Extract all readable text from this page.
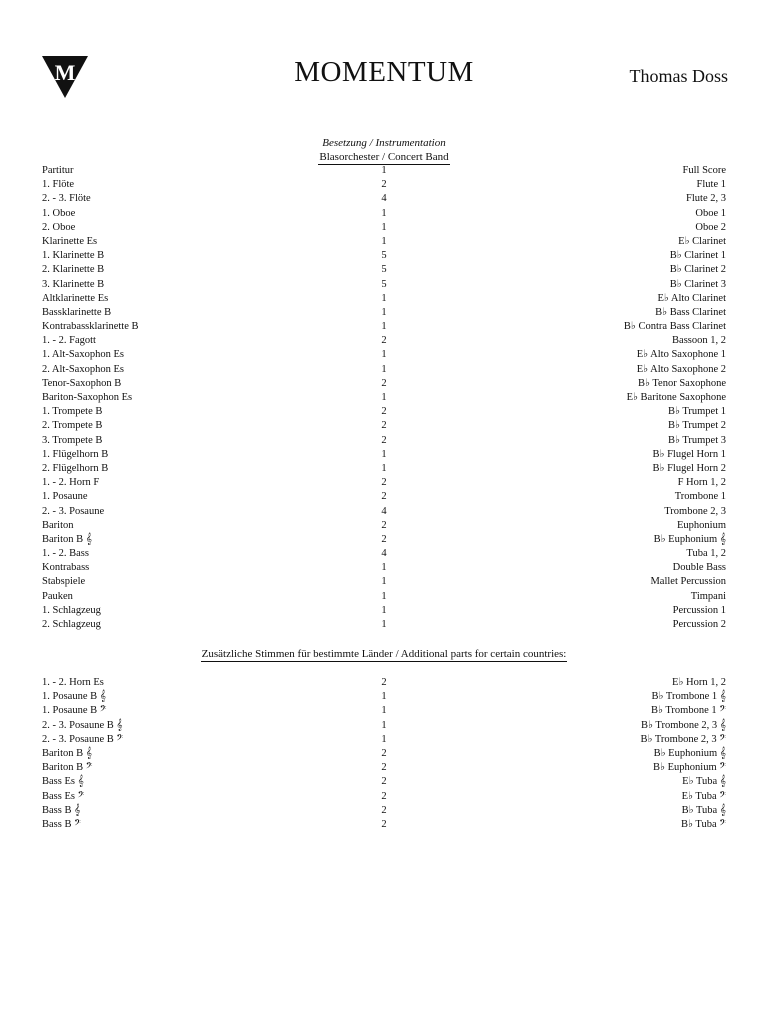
M	MOMENTUM	Thomas Doss
Besetzung / Instrumentation
Blasorchester / Concert Band
Partitur	1	Full Score
1. Flöte	2	Flute 1
2. - 3. Flöte	4	Flute 2, 3
1. Oboe	1	Oboe 1
2. Oboe	1	Oboe 2
Klarinette Es	1	E♭ Clarinet
1. Klarinette B	5	B♭ Clarinet 1
2. Klarinette B	5	B♭ Clarinet 2
3. Klarinette B	5	B♭ Clarinet 3
Altklarinette Es	1	E♭ Alto Clarinet
Bassklarinette B	1	B♭ Bass Clarinet
Kontrabassklarinette B	1	B♭ Contra Bass Clarinet
1. - 2. Fagott	2	Bassoon 1, 2
1. Alt-Saxophon Es	1	E♭ Alto Saxophone 1
2. Alt-Saxophon Es	1	E♭ Alto Saxophone 2
Tenor-Saxophon B	2	B♭ Tenor Saxophone
Bariton-Saxophon Es	1	E♭ Baritone Saxophone
1. Trompete B	2	B♭ Trumpet 1
2. Trompete B	2	B♭ Trumpet 2
3. Trompete B	2	B♭ Trumpet 3
1. Flügelhorn B	1	B♭ Flugel Horn 1
2. Flügelhorn B	1	B♭ Flugel Horn 2
1. - 2. Horn F	2	F Horn 1, 2
1. Posaune	2	Trombone 1
2. - 3. Posaune	4	Trombone 2, 3
Bariton	2	Euphonium
Bariton B 𝄞	2	B♭ Euphonium 𝄞
1. - 2. Bass	4	Tuba 1, 2
Kontrabass	1	Double Bass
Stabspiele	1	Mallet Percussion
Pauken	1	Timpani
1. Schlagzeug	1	Percussion 1
2. Schlagzeug	1	Percussion 2
Zusätzliche Stimmen für bestimmte Länder / Additional parts for certain countries:
1. - 2. Horn Es	2	E♭ Horn 1, 2
1. Posaune B 𝄞	1	B♭ Trombone 1 𝄞
1. Posaune B 𝄢	1	B♭ Trombone 1 𝄢
2. - 3. Posaune B 𝄞	1	B♭ Trombone 2, 3 𝄞
2. - 3. Posaune B 𝄢	1	B♭ Trombone 2, 3 𝄢
Bariton B 𝄞	2	B♭ Euphonium 𝄞
Bariton B 𝄢	2	B♭ Euphonium 𝄢
Bass Es 𝄞	2	E♭ Tuba 𝄞
Bass Es 𝄢	2	E♭ Tuba 𝄢
Bass B 𝄞	2	B♭ Tuba 𝄞
Bass B 𝄢	2	B♭ Tuba 𝄢
